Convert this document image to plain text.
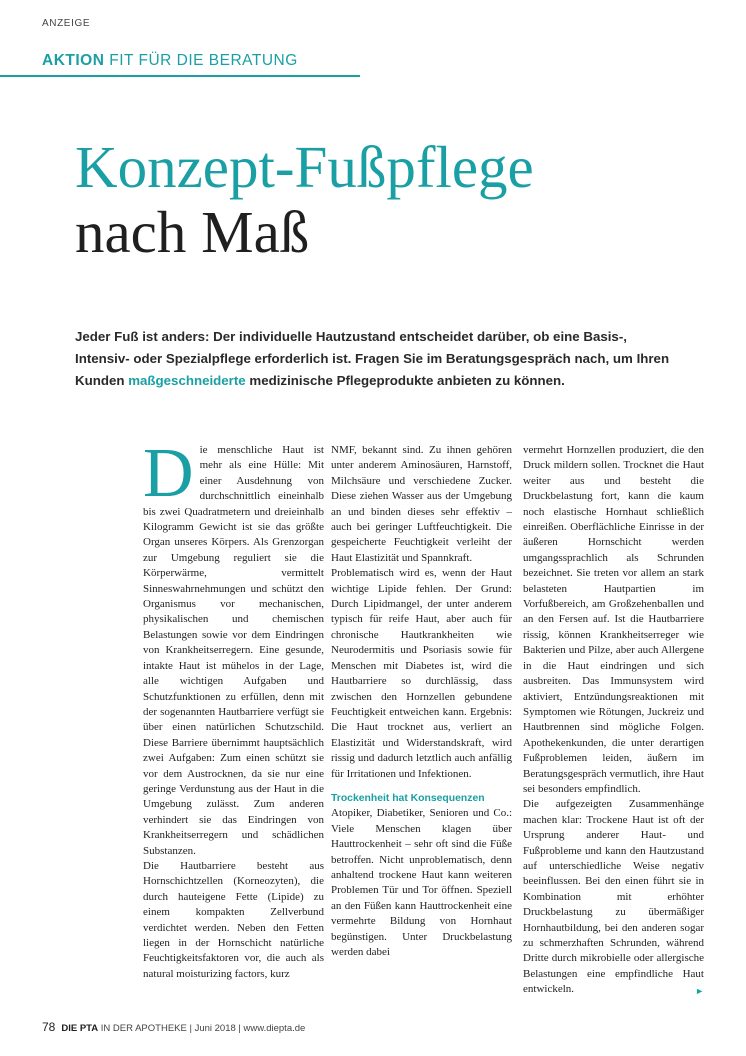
ANZEIGE
AKTION FIT FÜR DIE BERATUNG
Konzept-Fußpflege
nach Maß
Jeder Fuß ist anders: Der individuelle Hautzustand entscheidet darüber, ob eine Basis-, Intensiv- oder Spezialpflege erforderlich ist. Fragen Sie im Beratungsgespräch nach, um Ihren Kunden maßgeschneiderte medizinische Pflegeprodukte anbieten zu können.
D ie menschliche Haut ist mehr als eine Hülle: Mit einer Ausdehnung von durchschnittlich eineinhalb bis zwei Quadratmetern und dreieinhalb Kilogramm Gewicht ist sie das größte Organ unseres Körpers. Als Grenzorgan zur Umgebung reguliert sie die Körperwärme, vermittelt Sinneswahrnehmungen und schützt den Organismus vor mechanischen, physikalischen und chemischen Belastungen sowie vor dem Eindringen von Krankheitserregern. Eine gesunde, intakte Haut ist mühelos in der Lage, alle wichtigen Aufgaben und Schutzfunktionen zu erfüllen, denn mit der sogenannten Hautbarriere verfügt sie über einen natürlichen Schutzschild. Diese Barriere übernimmt hauptsächlich zwei Aufgaben: Zum einen schützt sie vor dem Austrocknen, da sie nur eine geringe Verdunstung aus der Haut in die Umgebung zulässt. Zum anderen verhindert sie das Eindringen von Krankheitserregern und schädlichen Substanzen.

Die Hautbarriere besteht aus Hornschichtzellen (Korneozyten), die durch hauteigene Fette (Lipide) zu einem kompakten Zellverbund verdichtet werden. Neben den Fetten liegen in der Hornschicht natürliche Feuchtigkeitsfaktoren vor, die auch als natural moisturizing factors, kurz

NMF, bekannt sind. Zu ihnen gehören unter anderem Aminosäuren, Harnstoff, Milchsäure und verschiedene Zucker. Diese ziehen Wasser aus der Umgebung an und binden dieses sehr effektiv – auch bei geringer Luftfeuchtigkeit. Die gespeicherte Feuchtigkeit verleiht der Haut Elastizität und Spannkraft.

Problematisch wird es, wenn der Haut wichtige Lipide fehlen. Der Grund: Durch Lipidmangel, der unter anderem typisch für reife Haut, aber auch für chronische Hautkrankheiten wie Neurodermitis und Psoriasis sowie für Menschen mit Diabetes ist, wird die Hautbarriere so durchlässig, dass zwischen den Hornzellen gebundene Feuchtigkeit entweichen kann. Ergebnis: Die Haut trocknet aus, verliert an Elastizität und Widerstandskraft, wird rissig und dadurch letztlich auch anfällig für Irritationen und Infektionen.

Trockenheit hat Konsequenzen

Atopiker, Diabetiker, Senioren und Co.: Viele Menschen klagen über Hauttrockenheit – sehr oft sind die Füße betroffen. Nicht unproblematisch, denn anhaltend trockene Haut kann weiteren Problemen Tür und Tor öffnen. Speziell an den Füßen kann Hauttrockenheit eine vermehrte Bildung von Hornhaut begünstigen. Unter Druckbelastung werden dabei

vermehrt Hornzellen produziert, die den Druck mildern sollen. Trocknet die Haut weiter aus und besteht die Druckbelastung fort, kann die kaum noch elastische Hornhaut schließlich einreißen. Oberflächliche Einrisse in der äußeren Hornschicht werden umgangssprachlich als Schrunden bezeichnet. Sie treten vor allem an stark belasteten Hautpartien im Vorfußbereich, am Großzehenballen und an den Fersen auf. Ist die Hautbarriere rissig, können Krankheitserreger wie Bakterien und Pilze, aber auch Allergene in die Haut eindringen und sich ausbreiten. Das Immunsystem wird aktiviert, Entzündungsreaktionen mit Symptomen wie Rötungen, Juckreiz und Hautbrennen sind mögliche Folgen. Apothekenkunden, die unter derartigen Fußproblemen leiden, äußern im Beratungsgespräch vermutlich, ihre Haut sei besonders empfindlich.

Die aufgezeigten Zusammenhänge machen klar: Trockene Haut ist oft der Ursprung anderer Haut- und Fußprobleme und kann den Hautzustand auf unterschiedliche Weise negativ beeinflussen. Bei den einen führt sie in Kombination mit erhöhter Druckbelastung zu übermäßiger Hornhautbildung, bei den anderen sogar zu schmerzhaften Schrunden, während Dritte durch mikrobielle oder allergische Belastungen eine empfindliche Haut entwickeln.	►

78 DIE PTA IN DER APOTHEKE | Juni 2018 | www.diepta.de
